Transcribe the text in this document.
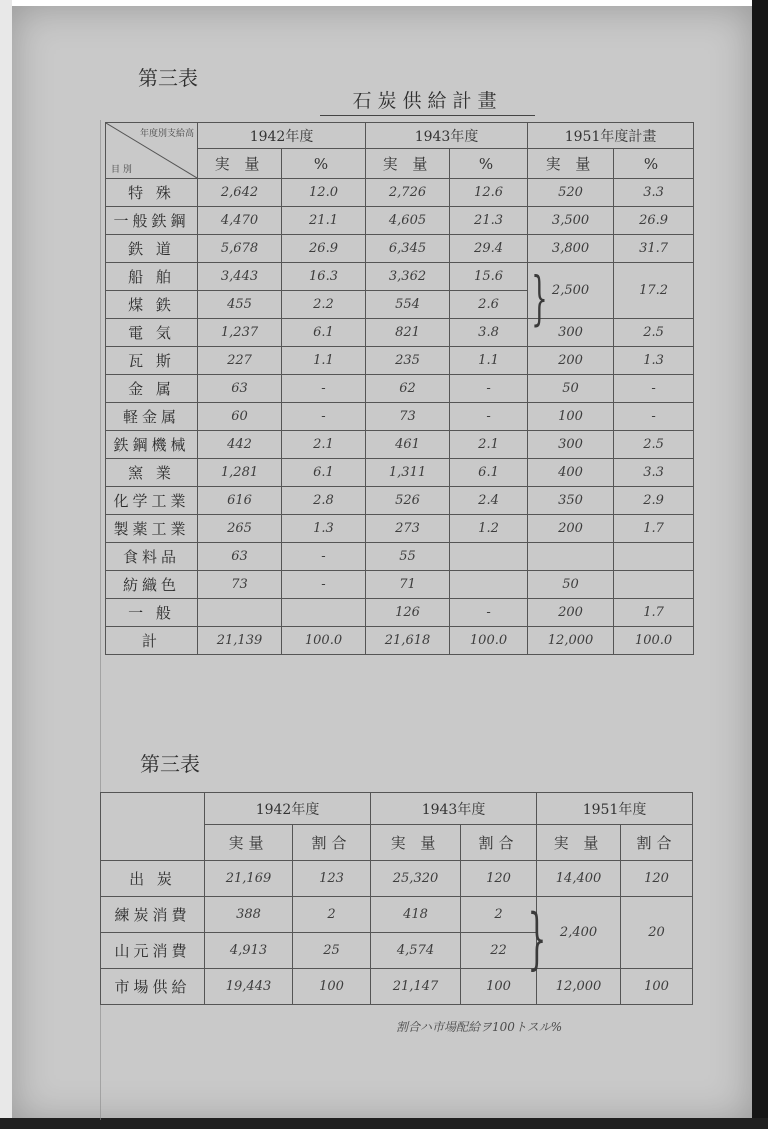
第三表
石炭供給計畫
年度別支給高
目 別	1942年度		1943年度		1951年度計畫	
	実 量	%	実 量	%	実 量	%
特 殊	2,642	12.0	2,726	12.6	520	3.3
一般鉄鋼	4,470	21.1	4,605	21.3	3,500	26.9
鉄 道	5,678	26.9	6,345	29.4	3,800	31.7
船 舶	3,443	16.3	3,362	15.6	2,500	17.2
煤 鉄	455	2.2	554	2.6		
電 気	1,237	6.1	821	3.8	300	2.5
瓦 斯	227	1.1	235	1.1	200	1.3
金 属	63	-	62	-	50	-
軽金属	60	-	73	-	100	-
鉄鋼機械	442	2.1	461	2.1	300	2.5
窯 業	1,281	6.1	1,311	6.1	400	3.3
化学工業	616	2.8	526	2.4	350	2.9
製薬工業	265	1.3	273	1.2	200	1.7
食料品	63	-	55			
紡織色	73	-	71		50	
一 般			126	-	200	1.7
計	21,139	100.0	21,618	100.0	12,000	100.0
第三表
	1942年度		1943年度		1951年度	
	実量	割合	実 量	割合	実 量	割合
出 炭	21,169	123	25,320	120	14,400	120
練炭消費	388	2	418	2	2,400	20
山元消費	4,913	25	4,574	22		
市場供給	19,443	100	21,147	100	12,000	100
}
}
割合ハ市場配給ヲ100トスル%
